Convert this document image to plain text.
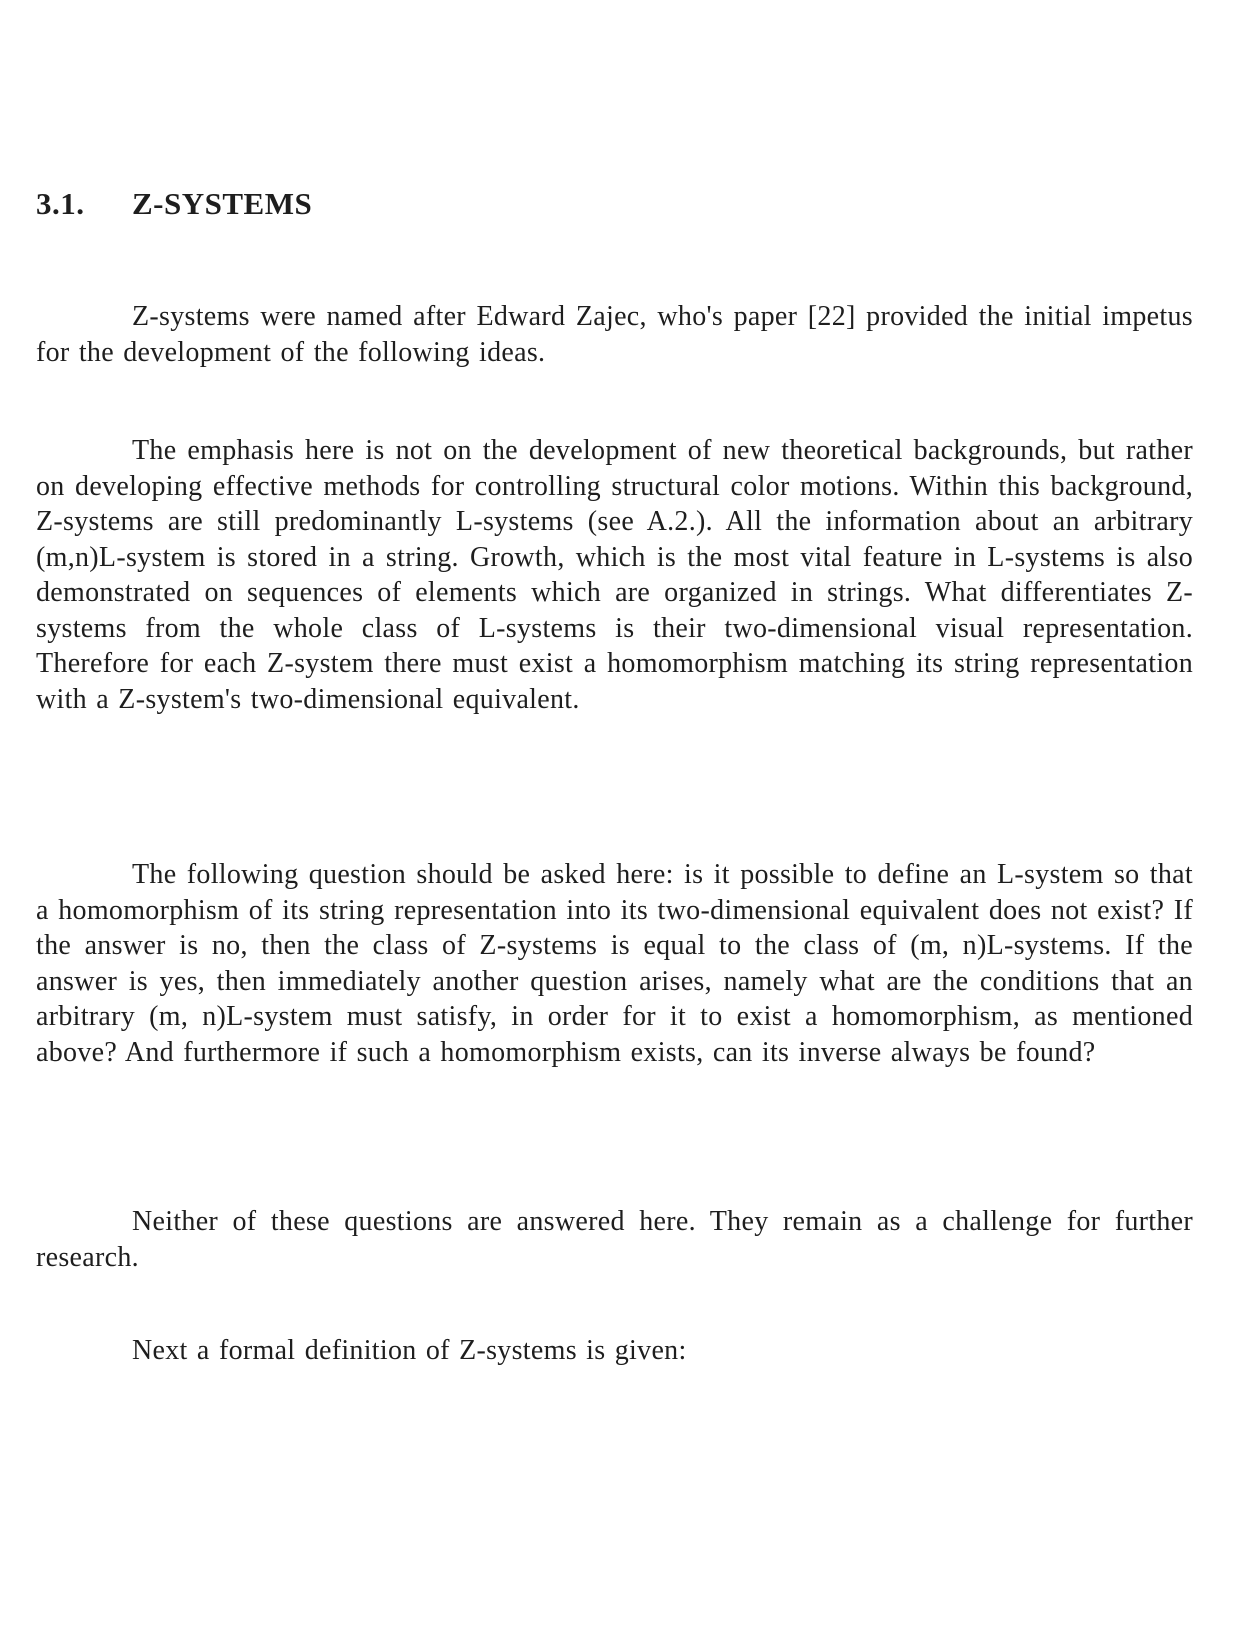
3.1. Z-SYSTEMS

Z-systems were named after Edward Zajec, who's paper [22] provided the initial impetus for the development of the following ideas.

The emphasis here is not on the development of new theoretical backgrounds, but rather on developing effective methods for controlling structural color motions. Within this background, Z-systems are still predominantly L-systems (see A.2.). All the information about an arbitrary (m,n)L-system is stored in a string. Growth, which is the most vital feature in L-systems is also demonstrated on sequences of elements which are organized in strings. What differentiates Z-systems from the whole class of L-systems is their two-dimensional visual representation. Therefore for each Z-system there must exist a homomorphism matching its string representation with a Z-system's two-dimensional equivalent.

The following question should be asked here: is it possible to define an L-system so that a homomorphism of its string representation into its two-dimensional equivalent does not exist? If the answer is no, then the class of Z-systems is equal to the class of (m, n)L-systems. If the answer is yes, then immediately another question arises, namely what are the conditions that an arbitrary (m, n)L-system must satisfy, in order for it to exist a homomorphism, as mentioned above? And furthermore if such a homomorphism exists, can its inverse always be found?

Neither of these questions are answered here. They remain as a challenge for further research.

Next a formal definition of Z-systems is given:
